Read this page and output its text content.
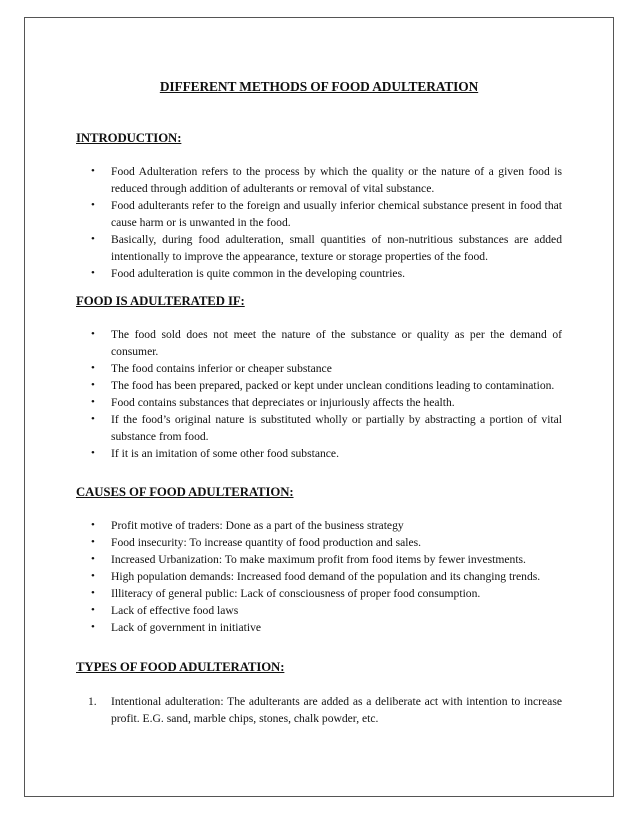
DIFFERENT METHODS OF FOOD ADULTERATION

INTRODUCTION:

•	Food Adulteration refers to the process by which the quality or the nature of a given food is reduced through addition of adulterants or removal of vital substance.
•	Food adulterants refer to the foreign and usually inferior chemical substance present in food that cause harm or is unwanted in the food.
•	Basically, during food adulteration, small quantities of non-nutritious substances are added intentionally to improve the appearance, texture or storage properties of the food.
•	Food adulteration is quite common in the developing countries.

FOOD IS ADULTERATED IF:

•	The food sold does not meet the nature of the substance or quality as per the demand of consumer.
•	The food contains inferior or cheaper substance
•	The food has been prepared, packed or kept under unclean conditions leading to contamination.
•	Food contains substances that depreciates or injuriously affects the health.
•	If the food’s original nature is substituted wholly or partially by abstracting a portion of vital substance from food.
•	If it is an imitation of some other food substance.

CAUSES OF FOOD ADULTERATION:

•	Profit motive of traders: Done as a part of the business strategy
•	Food insecurity: To increase quantity of food production and sales.
•	Increased Urbanization: To make maximum profit from food items by fewer investments.
•	High population demands: Increased food demand of the population and its changing trends.
•	Illiteracy of general public: Lack of consciousness of proper food consumption.
•	Lack of effective food laws
•	Lack of government in initiative

TYPES OF FOOD ADULTERATION:

1.	Intentional adulteration: The adulterants are added as a deliberate act with intention to increase profit. E.G. sand, marble chips, stones, chalk powder, etc.
